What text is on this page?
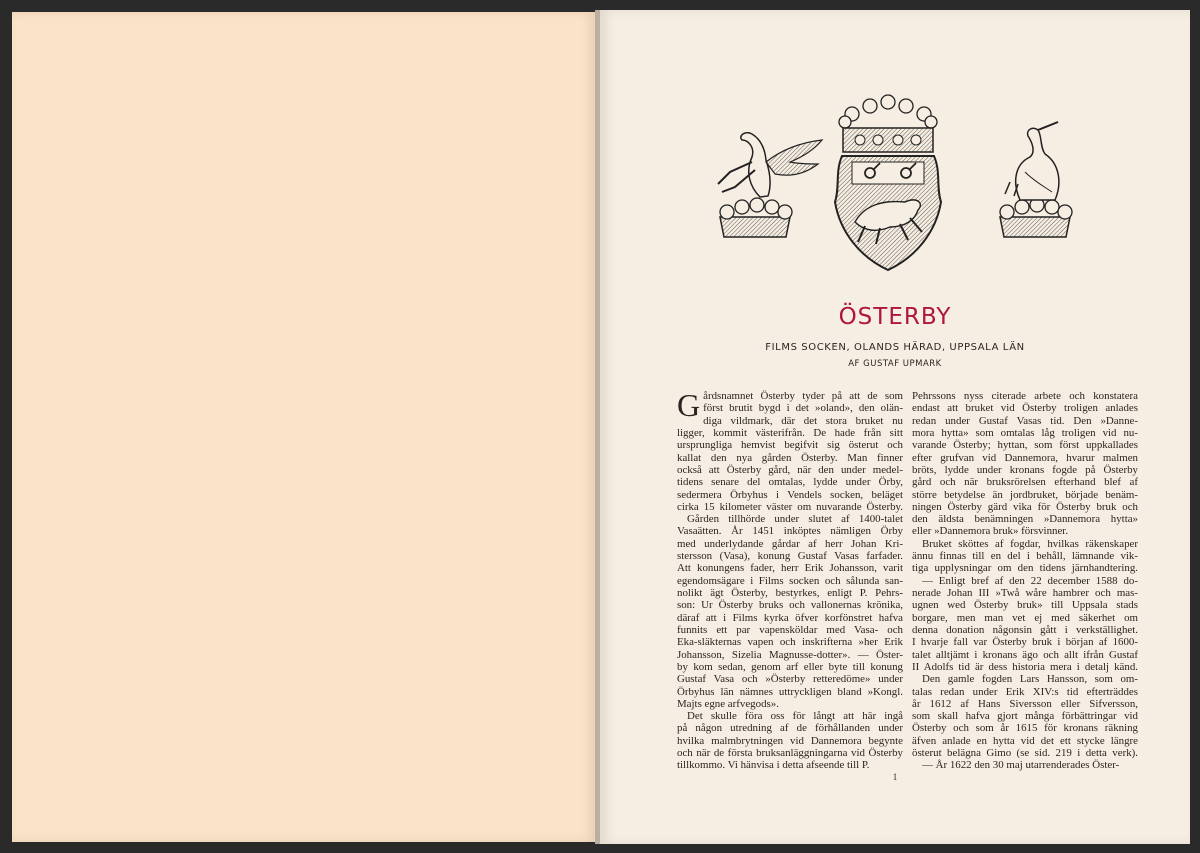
ÖSTERBY
FILMS SOCKEN, OLANDS HÄRAD, UPPSALA LÄN
AF GUSTAF UPMARK
G årdsnamnet Österby tyder på att de som
först brutit bygd i det »oland», den olän-
diga vildmark, där det stora bruket nu
ligger, kommit västerifrån. De hade från sitt
ursprungliga hemvist begifvit sig österut och
kallat den nya gården Österby. Man finner
också att Österby gård, när den under medel-
tidens senare del omtalas, lydde under Örby,
sedermera Örbyhus i Vendels socken, beläget
cirka 15 kilometer väster om nuvarande Österby.
Gården tillhörde under slutet af 1400-talet
Vasaätten. År 1451 inköptes nämligen Örby
med underlydande gårdar af herr Johan Kri-
stersson (Vasa), konung Gustaf Vasas farfader.
Att konungens fader, herr Erik Johansson, varit
egendomsägare i Films socken och sålunda san-
nolikt ägt Österby, bestyrkes, enligt P. Pehrs-
son: Ur Österby bruks och vallonernas krönika,
däraf att i Films kyrka öfver korfönstret hafva
funnits ett par vapensköldar med Vasa- och
Eka-släkternas vapen och inskrifterna »her Erik
Johansson, Sizelia Magnusse-dotter». — Öster-
by kom sedan, genom arf eller byte till konung
Gustaf Vasa och »Österby retteredöme» under
Örbyhus län nämnes uttryckligen bland »Kongl.
Majts egne arfvegods».
Det skulle föra oss för långt att här ingå
på någon utredning af de förhållanden under
hvilka malmbrytningen vid Dannemora begynte
och när de första bruksanläggningarna vid Österby
tillkommo. Vi hänvisa i detta afseende till P.
Pehrssons nyss citerade arbete och konstatera
endast att bruket vid Österby troligen anlades
redan under Gustaf Vasas tid. Den »Danne-
mora hytta» som omtalas låg troligen vid nu-
varande Österby; hyttan, som först uppkallades
efter grufvan vid Dannemora, hvarur malmen
bröts, lydde under kronans fogde på Österby
gård och när bruksrörelsen efterhand blef af
större betydelse än jordbruket, började benäm-
ningen Österby gärd vika för Österby bruk och
den äldsta benämningen »Dannemora hytta»
eller »Dannemora bruk» försvinner.
Bruket sköttes af fogdar, hvilkas räkenskaper
ännu finnas till en del i behåll, lämnande vik-
tiga upplysningar om den tidens järnhandtering.
— Enligt bref af den 22 december 1588 do-
nerade Johan III »Twå wåre hambrer och mas-
ugnen wed Österby bruk» till Uppsala stads
borgare, men man vet ej med säkerhet om
denna donation någonsin gått i verkställighet.
I hvarje fall var Österby bruk i början af 1600-
talet alltjämt i kronans ägo och allt ifrån Gustaf
II Adolfs tid är dess historia mera i detalj känd.
Den gamle fogden Lars Hansson, som om-
talas redan under Erik XIV:s tid efterträddes
år 1612 af Hans Siversson eller Sifversson,
som skall hafva gjort många förbättringar vid
Österby och som år 1615 för kronans räkning
äfven anlade en hytta vid det ett stycke längre
österut belägna Gimo (se sid. 219 i detta verk).
— År 1622 den 30 maj utarrenderades Öster-
1
